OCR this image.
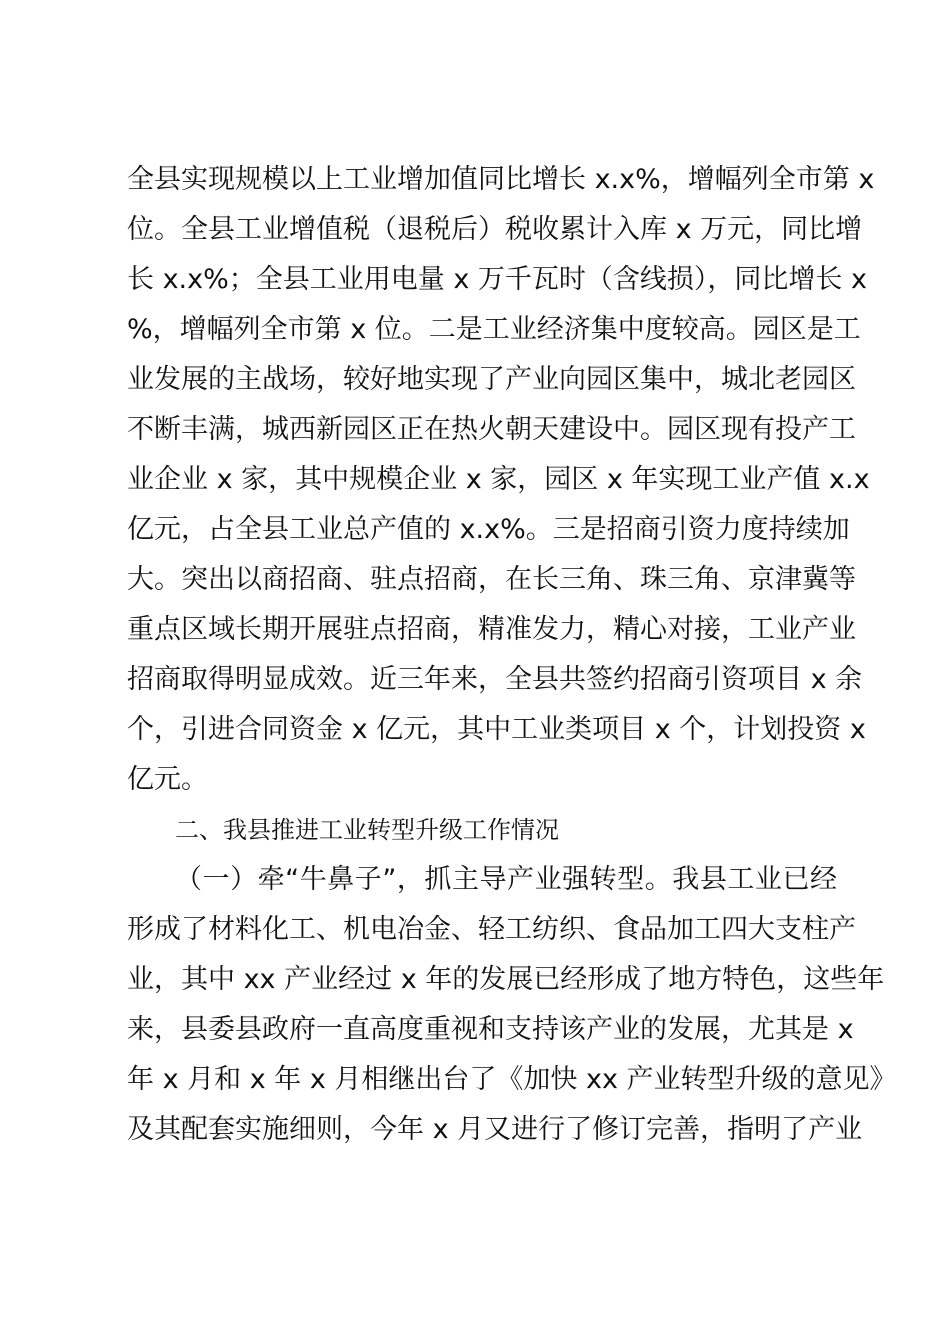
全县实现规模以上工业增加值同比增长 x.x%，增幅列全市第 x
位。全县工业增值税（退税后）税收累计入库 x 万元，同比增
长 x.x%；全县工业用电量 x 万千瓦时（含线损），同比增长 x
%，增幅列全市第 x 位。二是工业经济集中度较高。园区是工
业发展的主战场，较好地实现了产业向园区集中，城北老园区
不断丰满，城西新园区正在热火朝天建设中。园区现有投产工
业企业 x 家，其中规模企业 x 家，园区 x 年实现工业产值 x.x
亿元，占全县工业总产值的 x.x%。三是招商引资力度持续加
大。突出以商招商、驻点招商，在长三角、珠三角、京津冀等
重点区域长期开展驻点招商，精准发力，精心对接，工业产业
招商取得明显成效。近三年来，全县共签约招商引资项目 x 余
个，引进合同资金 x 亿元，其中工业类项目 x 个，计划投资 x
亿元。
二、我县推进工业转型升级工作情况
（一）牵“牛鼻子”，抓主导产业强转型。我县工业已经
形成了材料化工、机电冶金、轻工纺织、食品加工四大支柱产
业，其中 xx 产业经过 x 年的发展已经形成了地方特色，这些年
来，县委县政府一直高度重视和支持该产业的发展，尤其是 x
年 x 月和 x 年 x 月相继出台了《加快 xx 产业转型升级的意见》
及其配套实施细则，今年 x 月又进行了修订完善，指明了产业
